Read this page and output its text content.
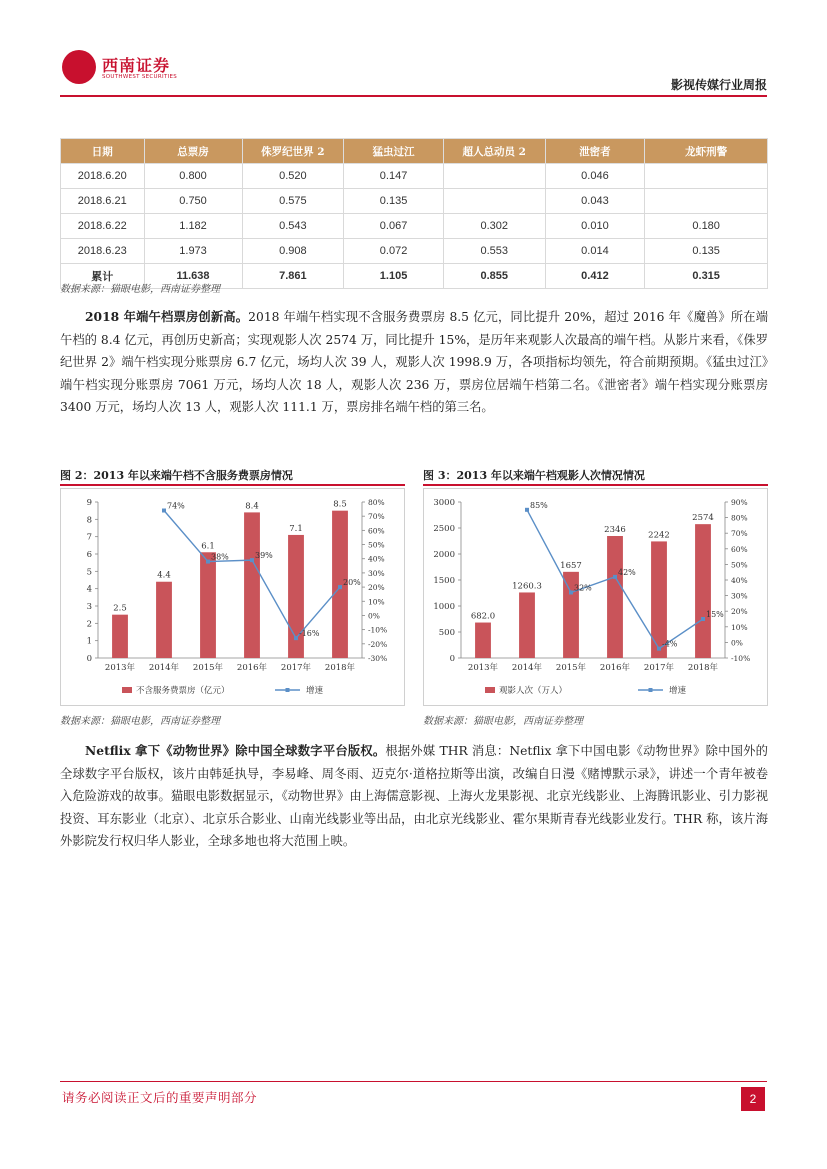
西南证券
SOUTHWEST SECURITIES
影视传媒行业周报
日期	总票房	侏罗纪世界 2	猛虫过江	超人总动员 2	泄密者	龙虾刑警
2018.6.20	0.800	0.520	0.147		0.046	
2018.6.21	0.750	0.575	0.135		0.043	
2018.6.22	1.182	0.543	0.067	0.302	0.010	0.180
2018.6.23	1.973	0.908	0.072	0.553	0.014	0.135
累计	11.638	7.861	1.105	0.855	0.412	0.315
数据来源：猫眼电影，西南证券整理

2018 年端午档票房创新高。2018 年端午档实现不含服务费票房 8.5 亿元，同比提升 20%，超过 2016 年《魔兽》所在端午档的 8.4 亿元，再创历史新高；实现观影人次 2574 万，同比提升 15%，是历年来观影人次最高的端午档。从影片来看，《侏罗纪世界 2》端午档实现分账票房 6.7 亿元，场均人次 39 人，观影人次 1998.9 万，各项指标均领先，符合前期预期。《猛虫过江》端午档实现分账票房 7061 万元，场均人次 18 人，观影人次 236 万，票房位居端午档第二名。《泄密者》端午档实现分账票房 3400 万元，场均人次 13 人，观影人次 111.1 万，票房排名端午档的第三名。

图 2：2013 年以来端午档不含服务费票房情况
9
8
7
6
5
4
3
2
1
0
80%
70%
60%
50%
40%
30%
20%
10%
0%
-10%
-20%
-30%
2.5
2013年
4.4
2014年
6.1
2015年
8.4
2016年
7.1
2017年
8.5
2018年
74%
38%	39%
-16%
20%
不含服务费票房（亿元）	增速
数据来源：猫眼电影，西南证券整理
图 3：2013 年以来端午档观影人次情况情况
3000
2500
2000
1500
1000
500
0
90%
80%
70%
60%
50%
40%
30%
20%
10%
0%
-10%
682.0
2013年
1260.3
2014年
1657
2015年
2346
2016年
2242
2017年
2574
2018年
85%
32%
42%
-4%
15%
观影人次（万人）	增速
数据来源：猫眼电影，西南证券整理

Netflix 拿下《动物世界》除中国全球数字平台版权。根据外媒 THR 消息：Netflix 拿下中国电影《动物世界》除中国外的全球数字平台版权，该片由韩延执导，李易峰、周冬雨、迈克尔·道格拉斯等出演，改编自日漫《赌博默示录》，讲述一个青年被卷入危险游戏的故事。猫眼电影数据显示，《动物世界》由上海儒意影视、上海火龙果影视、北京光线影业、上海腾讯影业、引力影视投资、耳东影业（北京）、北京乐合影业、山南光线影业等出品，由北京光线影业、霍尔果斯青春光线影业发行。THR 称，该片海外影院发行权归华人影业，全球多地也将大范围上映。

请务必阅读正文后的重要声明部分	2
